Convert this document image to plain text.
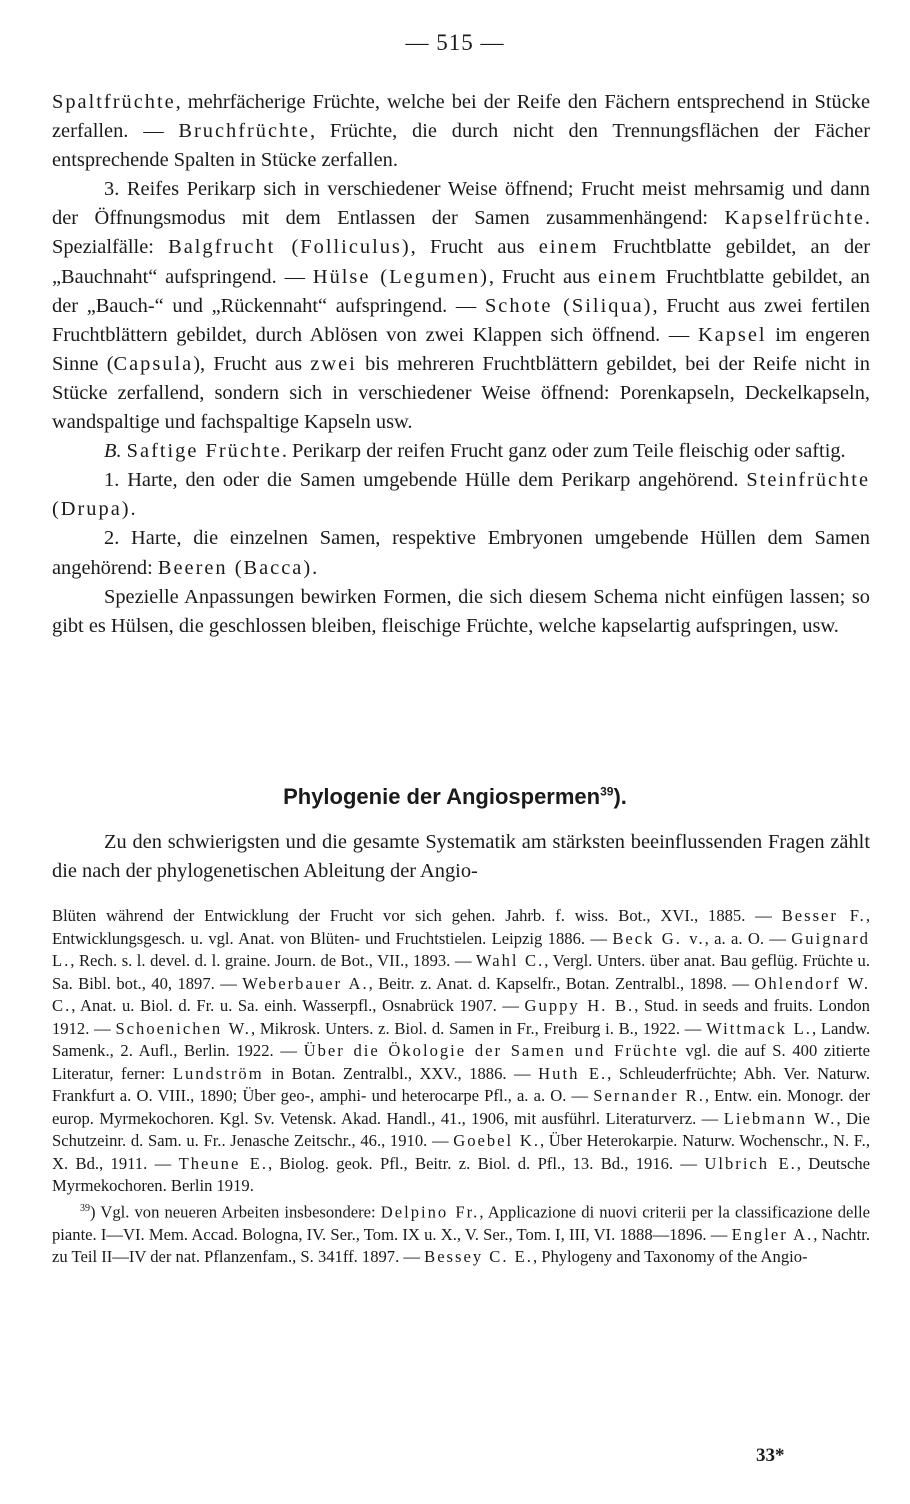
— 515 —

Spaltfrüchte, mehrfächerige Früchte, welche bei der Reife den Fächern entsprechend in Stücke zerfallen. — Bruchfrüchte, Früchte, die durch nicht den Trennungsflächen der Fächer entsprechende Spalten in Stücke zerfallen.

3. Reifes Perikarp sich in verschiedener Weise öffnend; Frucht meist mehrsamig und dann der Öffnungsmodus mit dem Entlassen der Samen zusammenhängend: Kapselfrüchte. Spezialfälle: Balgfrucht (Folliculus), Frucht aus einem Fruchtblatte gebildet, an der „Bauchnaht“ aufspringend. — Hülse (Legumen), Frucht aus einem Fruchtblatte gebildet, an der „Bauch-“ und „Rückennaht“ aufspringend. — Schote (Siliqua), Frucht aus zwei fertilen Fruchtblättern gebildet, durch Ablösen von zwei Klappen sich öffnend. — Kapsel im engeren Sinne (Capsula), Frucht aus zwei bis mehreren Fruchtblättern gebildet, bei der Reife nicht in Stücke zerfallend, sondern sich in verschiedener Weise öffnend: Porenkapseln, Deckelkapseln, wandspaltige und fachspaltige Kapseln usw.

B. Saftige Früchte. Perikarp der reifen Frucht ganz oder zum Teile fleischig oder saftig.

1. Harte, den oder die Samen umgebende Hülle dem Perikarp angehörend. Steinfrüchte (Drupa).

2. Harte, die einzelnen Samen, respektive Embryonen umgebende Hüllen dem Samen angehörend: Beeren (Bacca).

Spezielle Anpassungen bewirken Formen, die sich diesem Schema nicht einfügen lassen; so gibt es Hülsen, die geschlossen bleiben, fleischige Früchte, welche kapselartig aufspringen, usw.

Phylogenie der Angiospermen$^{39}$).
Zu den schwierigsten und die gesamte Systematik am stärksten beeinflussenden Fragen zählt die nach der phylogenetischen Ableitung der Angio-

Blüten während der Entwicklung der Frucht vor sich gehen. Jahrb. f. wiss. Bot., XVI., 1885. — Besser F., Entwicklungsgesch. u. vgl. Anat. von Blüten- und Fruchtstielen. Leipzig 1886. — Beck G. v., a. a. O. — Guignard L., Rech. s. l. devel. d. l. graine. Journ. de Bot., VII., 1893. — Wahl C., Vergl. Unters. über anat. Bau geflüg. Früchte u. Sa. Bibl. bot., 40, 1897. — Weberbauer A., Beitr. z. Anat. d. Kapselfr., Botan. Zentralbl., 1898. — Ohlendorf W. C., Anat. u. Biol. d. Fr. u. Sa. einh. Wasserpfl., Osnabrück 1907. — Guppy H. B., Stud. in seeds and fruits. London 1912. — Schoenichen W., Mikrosk. Unters. z. Biol. d. Samen in Fr., Freiburg i. B., 1922. — Wittmack L., Landw. Samenk., 2. Aufl., Berlin. 1922. — Über die Ökologie der Samen und Früchte vgl. die auf S. 400 zitierte Literatur, ferner: Lundström in Botan. Zentralbl., XXV., 1886. — Huth E., Schleuderfrüchte; Abh. Ver. Naturw. Frankfurt a. O. VIII., 1890; Über geo-, amphi- und heterocarpe Pfl., a. a. O. — Sernander R., Entw. ein. Monogr. der europ. Myrmekochoren. Kgl. Sv. Vetensk. Akad. Handl., 41., 1906, mit ausführl. Literaturverz. — Liebmann W., Die Schutzeinr. d. Sam. u. Fr.. Jenasche Zeitschr., 46., 1910. — Goebel K., Über Heterokarpie. Naturw. Wochenschr., N. F., X. Bd., 1911. — Theune E., Biolog. geok. Pfl., Beitr. z. Biol. d. Pfl., 13. Bd., 1916. — Ulbrich E., Deutsche Myrmekochoren. Berlin 1919.

$^{39}$) Vgl. von neueren Arbeiten insbesondere: Delpino Fr., Applicazione di nuovi criterii per la classificazione delle piante. I—VI. Mem. Accad. Bologna, IV. Ser., Tom. IX u. X., V. Ser., Tom. I, III, VI. 1888—1896. — Engler A., Nachtr. zu Teil II—IV der nat. Pflanzenfam., S. 341ff. 1897. — Bessey C. E., Phylogeny and Taxonomy of the Angio-

33*
